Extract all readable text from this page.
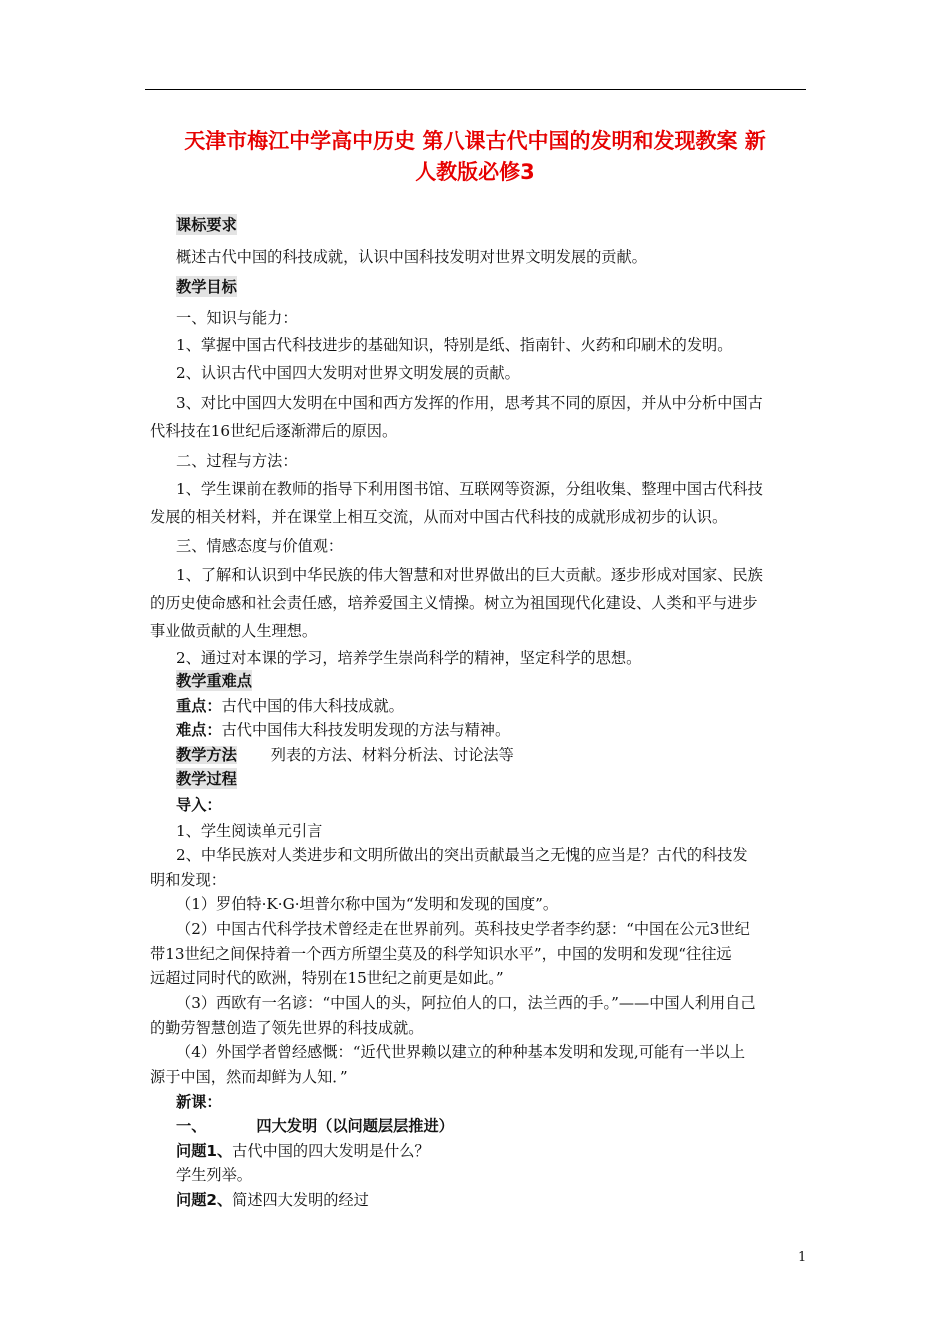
天津市梅江中学高中历史 第八课古代中国的发明和发现教案 新
人教版必修3
课标要求
概述古代中国的科技成就，认识中国科技发明对世界文明发展的贡献。
教学目标
一、知识与能力：
1、掌握中国古代科技进步的基础知识，特别是纸、指南针、火药和印刷术的发明。
2、认识古代中国四大发明对世界文明发展的贡献。
3、对比中国四大发明在中国和西方发挥的作用，思考其不同的原因，并从中分析中国古
代科技在16世纪后逐渐滞后的原因。
二、过程与方法：
1、学生课前在教师的指导下利用图书馆、互联网等资源，分组收集、整理中国古代科技
发展的相关材料，并在课堂上相互交流，从而对中国古代科技的成就形成初步的认识。
三、情感态度与价值观：
1、了解和认识到中华民族的伟大智慧和对世界做出的巨大贡献。逐步形成对国家、民族
的历史使命感和社会责任感，培养爱国主义情操。树立为祖国现代化建设、人类和平与进步
事业做贡献的人生理想。
2、通过对本课的学习，培养学生崇尚科学的精神，坚定科学的思想。
教学重难点
重点：古代中国的伟大科技成就。
难点：古代中国伟大科技发明发现的方法与精神。
教学方法 列表的方法、材料分析法、讨论法等
教学过程
导入：
1、学生阅读单元引言
2、中华民族对人类进步和文明所做出的突出贡献最当之无愧的应当是？古代的科技发
明和发现：
（1）罗伯特·K·G·坦普尔称中国为“发明和发现的国度”。
（2）中国古代科学技术曾经走在世界前列。英科技史学者李约瑟：“中国在公元3世纪
带13世纪之间保持着一个西方所望尘莫及的科学知识水平”，中国的发明和发现“往往远
远超过同时代的欧洲，特别在15世纪之前更是如此。”
（3）西欧有一名谚：“中国人的头，阿拉伯人的口，法兰西的手。”——中国人利用自己
的勤劳智慧创造了领先世界的科技成就。
（4）外国学者曾经感慨：“近代世界赖以建立的种种基本发明和发现,可能有一半以上
源于中国，然而却鲜为人知．”
新课：
一、	四大发明（以问题层层推进）
问题1、古代中国的四大发明是什么？
学生列举。
问题2、简述四大发明的经过
1
